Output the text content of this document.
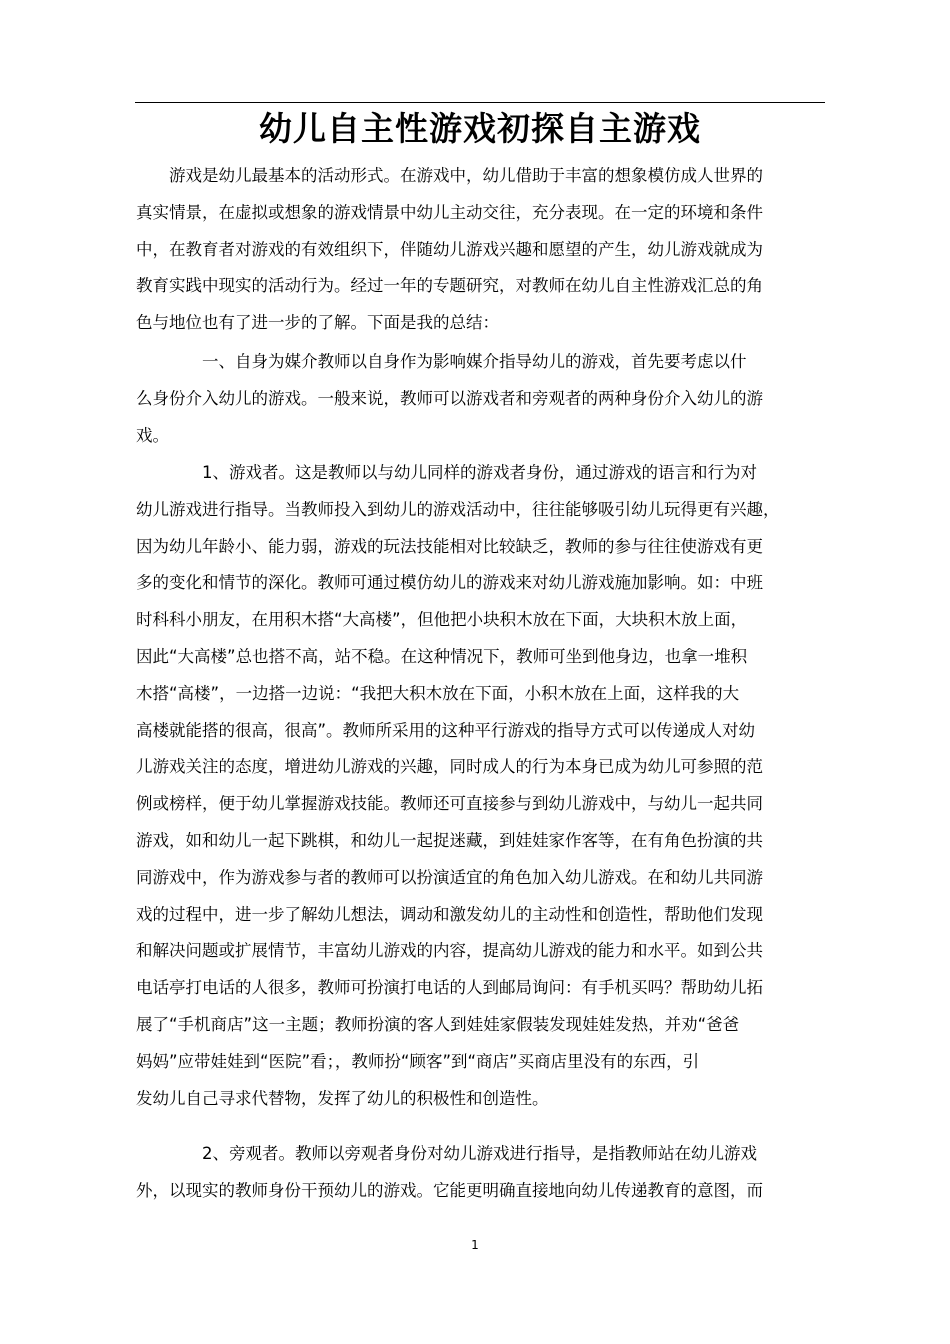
幼儿自主性游戏初探自主游戏

　　游戏是幼儿最基本的活动形式。在游戏中，幼儿借助于丰富的想象模仿成人世界的
真实情景，在虚拟或想象的游戏情景中幼儿主动交往，充分表现。在一定的环境和条件
中，在教育者对游戏的有效组织下，伴随幼儿游戏兴趣和愿望的产生，幼儿游戏就成为
教育实践中现实的活动行为。经过一年的专题研究，对教师在幼儿自主性游戏汇总的角
色与地位也有了进一步的了解。下面是我的总结：

　　　　一、自身为媒介教师以自身作为影响媒介指导幼儿的游戏，首先要考虑以什
么身份介入幼儿的游戏。一般来说，教师可以游戏者和旁观者的两种身份介入幼儿的游
戏。

　　　　1、游戏者。这是教师以与幼儿同样的游戏者身份，通过游戏的语言和行为对
幼儿游戏进行指导。当教师投入到幼儿的游戏活动中，往往能够吸引幼儿玩得更有兴趣，
因为幼儿年龄小、能力弱，游戏的玩法技能相对比较缺乏，教师的参与往往使游戏有更
多的变化和情节的深化。教师可通过模仿幼儿的游戏来对幼儿游戏施加影响。如：中班
时科科小朋友，在用积木搭“大高楼”，但他把小块积木放在下面，大块积木放上面，
因此“大高楼”总也搭不高，站不稳。在这种情况下，教师可坐到他身边，也拿一堆积
木搭“高楼”，一边搭一边说：“我把大积木放在下面，小积木放在上面，这样我的大
高楼就能搭的很高，很高”。教师所采用的这种平行游戏的指导方式可以传递成人对幼
儿游戏关注的态度，增进幼儿游戏的兴趣，同时成人的行为本身已成为幼儿可参照的范
例或榜样，便于幼儿掌握游戏技能。教师还可直接参与到幼儿游戏中，与幼儿一起共同
游戏，如和幼儿一起下跳棋，和幼儿一起捉迷藏，到娃娃家作客等，在有角色扮演的共
同游戏中，作为游戏参与者的教师可以扮演适宜的角色加入幼儿游戏。在和幼儿共同游
戏的过程中，进一步了解幼儿想法，调动和激发幼儿的主动性和创造性，帮助他们发现
和解决问题或扩展情节，丰富幼儿游戏的内容，提高幼儿游戏的能力和水平。如到公共
电话亭打电话的人很多，教师可扮演打电话的人到邮局询问：有手机买吗？帮助幼儿拓
展了“手机商店”这一主题；教师扮演的客人到娃娃家假装发现娃娃发热，并劝“爸爸
妈妈”应带娃娃到“医院”看；，教师扮“顾客”到“商店”买商店里没有的东西，引
发幼儿自己寻求代替物，发挥了幼儿的积极性和创造性。

　　　　2、旁观者。教师以旁观者身份对幼儿游戏进行指导，是指教师站在幼儿游戏
外，以现实的教师身份干预幼儿的游戏。它能更明确直接地向幼儿传递教育的意图，而

1
